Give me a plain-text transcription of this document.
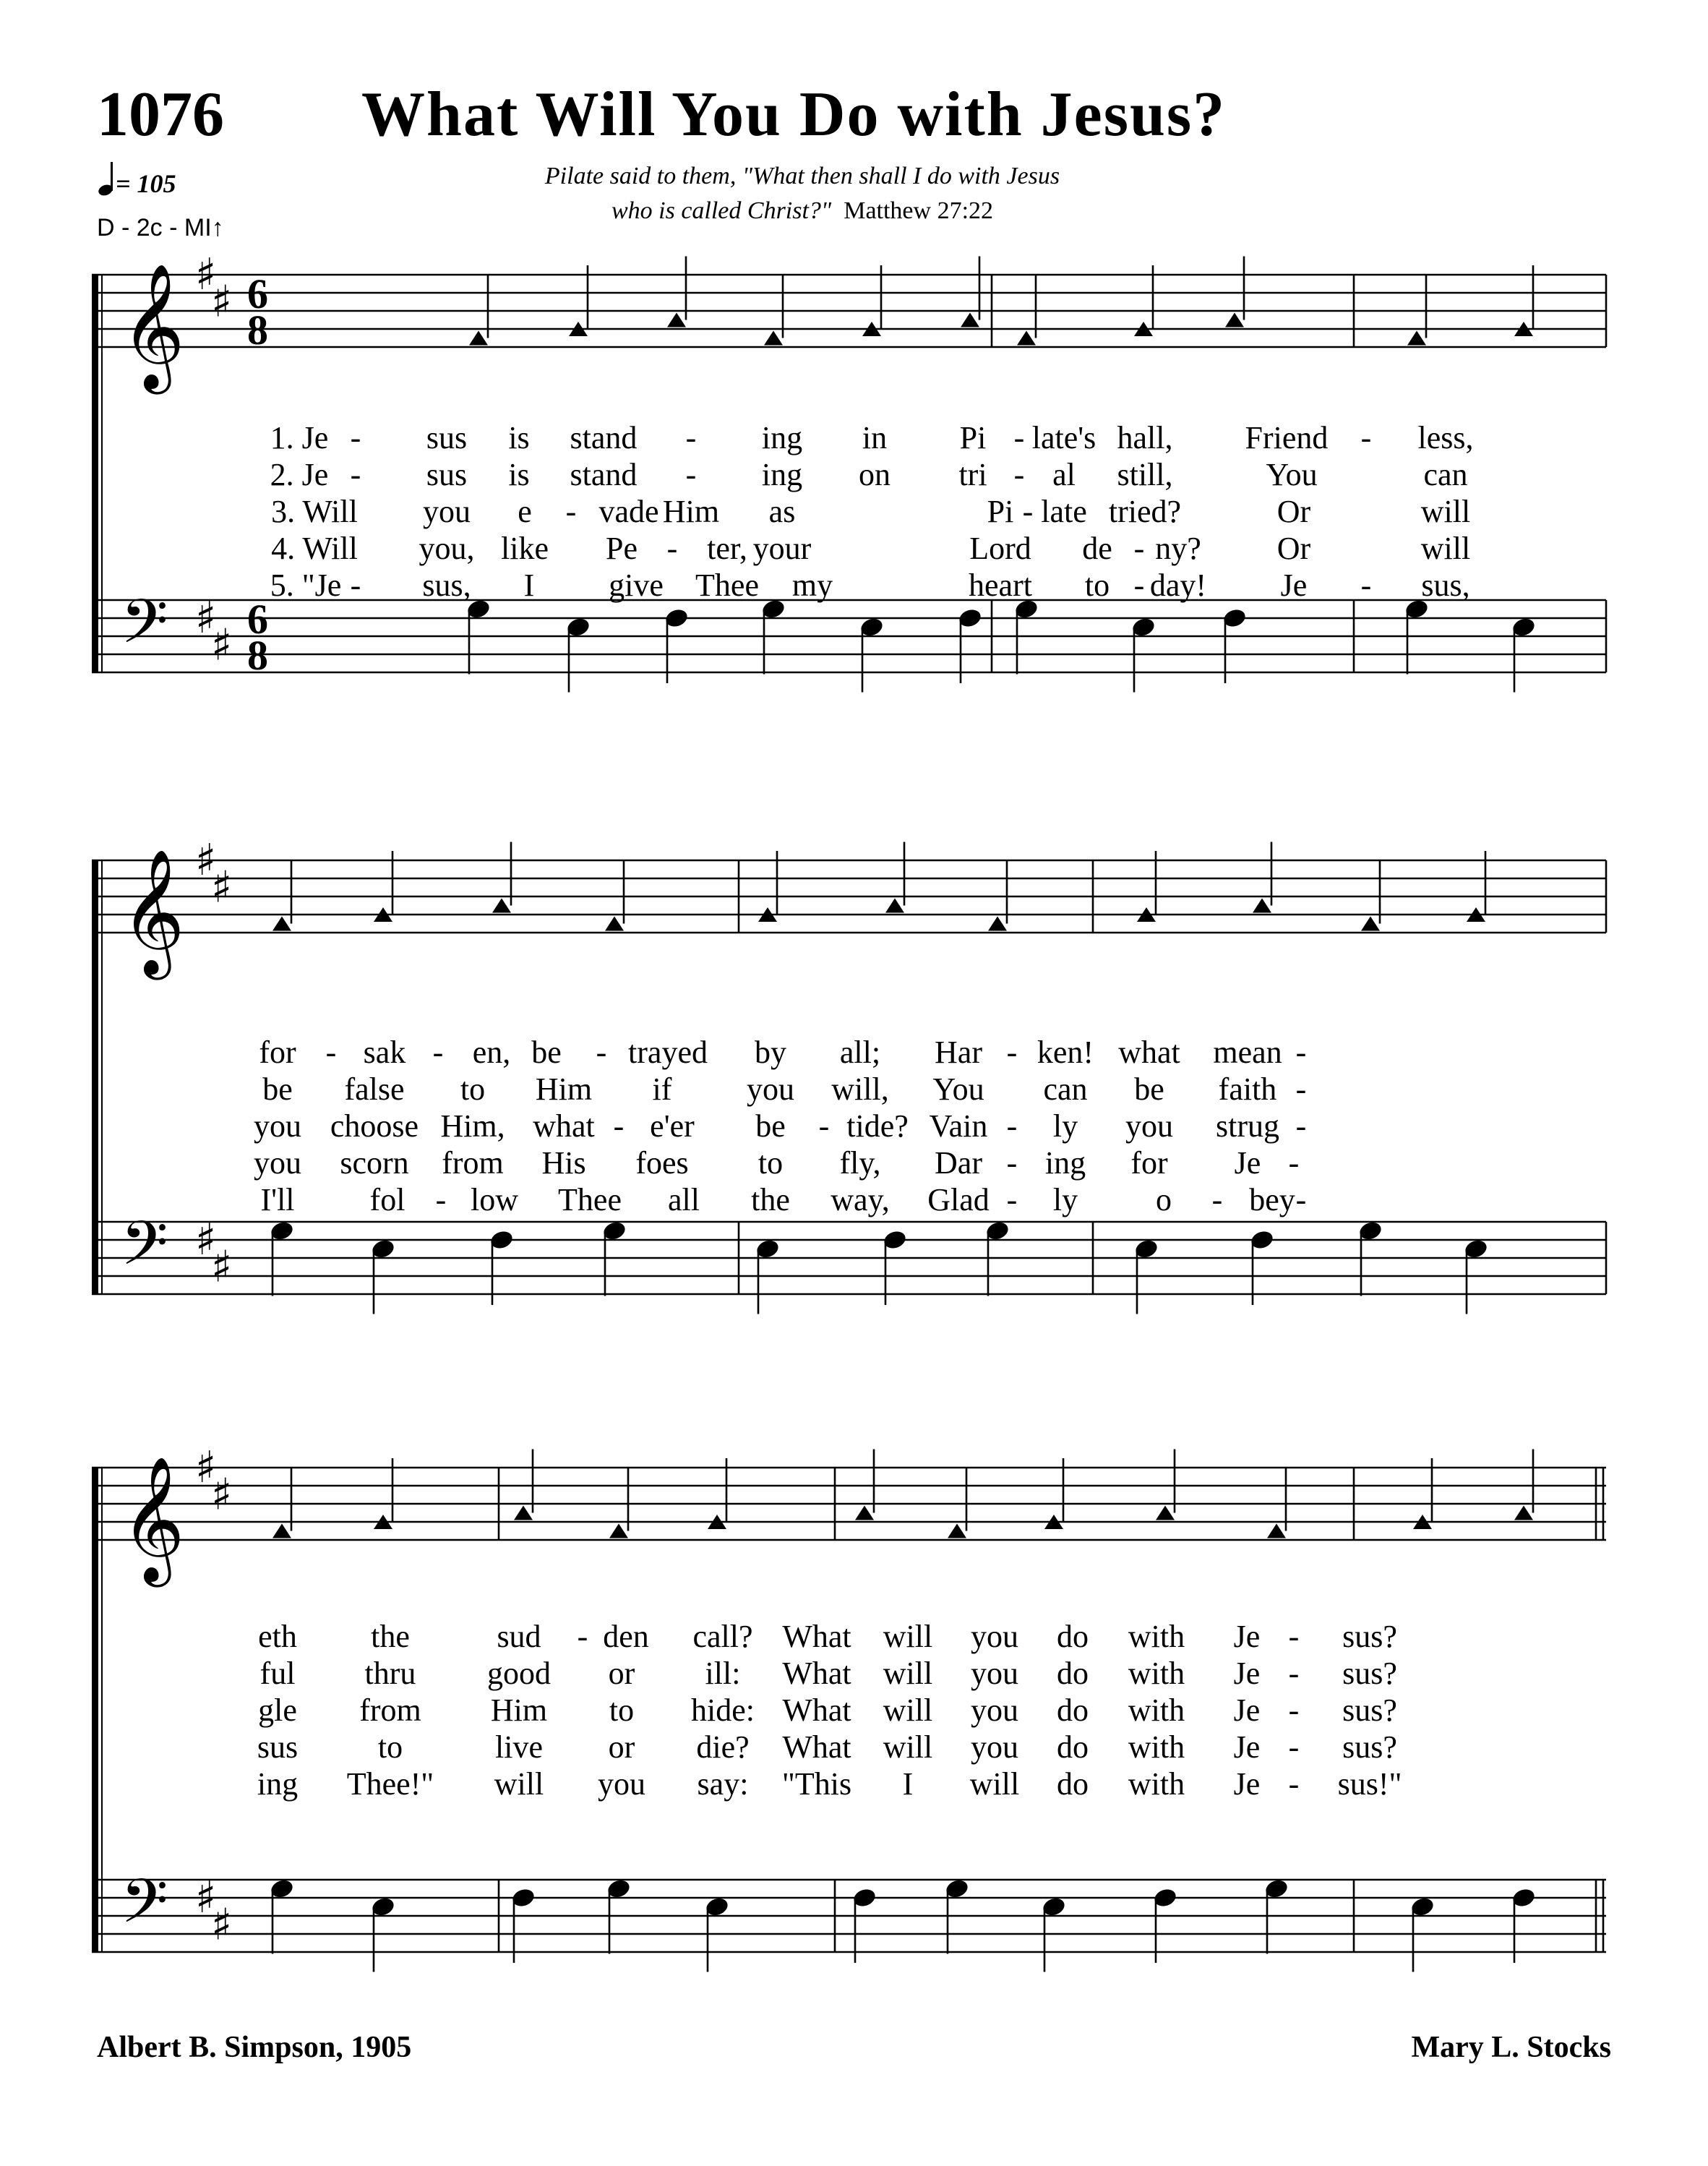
1076 What Will You Do with Jesus?
= 105
D - 2c - MI↑
Pilate said to them, "What then shall I do with Jesus
who is called Christ?" Matthew 27:22
𝄞
𝄢
♯
♯
♯
♯
6
8
6
8
𝄞
𝄢
♯
♯
♯
♯
𝄞
𝄢
♯
♯
♯
♯
1. Je - sus is stand - ing in Pi - late's hall, Friend - less,
2. Je - sus is stand - ing on tri - al still,	You	can
3. Will you e - vade Him as	Pi - late tried?	Or	will
4. Will you, like Pe - ter, your	Lord de - ny? Or	will
5. "Je - sus, I give Thee my	heart to - day! Je - sus,
for - sak - en, be - trayed by all; Har - ken! what mean -
be false to Him if you will, You can be faith -
you choose Him, what - e'er be - tide? Vain - ly you strug -
you scorn from His foes to fly, Dar - ing for Je -
I'll fol - low Thee all the way, Glad - ly o - bey -
eth the	sud - den call? What will you do with Je - sus?
ful thru good or ill: What will you do with Je - sus?
gle from Him to hide: What will you do with Je - sus?
sus	to	live or die? What will you do with Je - sus?
ing Thee!" will you say: "This I will do with Je - sus!"
Albert B. Simpson, 1905	Mary L. Stocks
